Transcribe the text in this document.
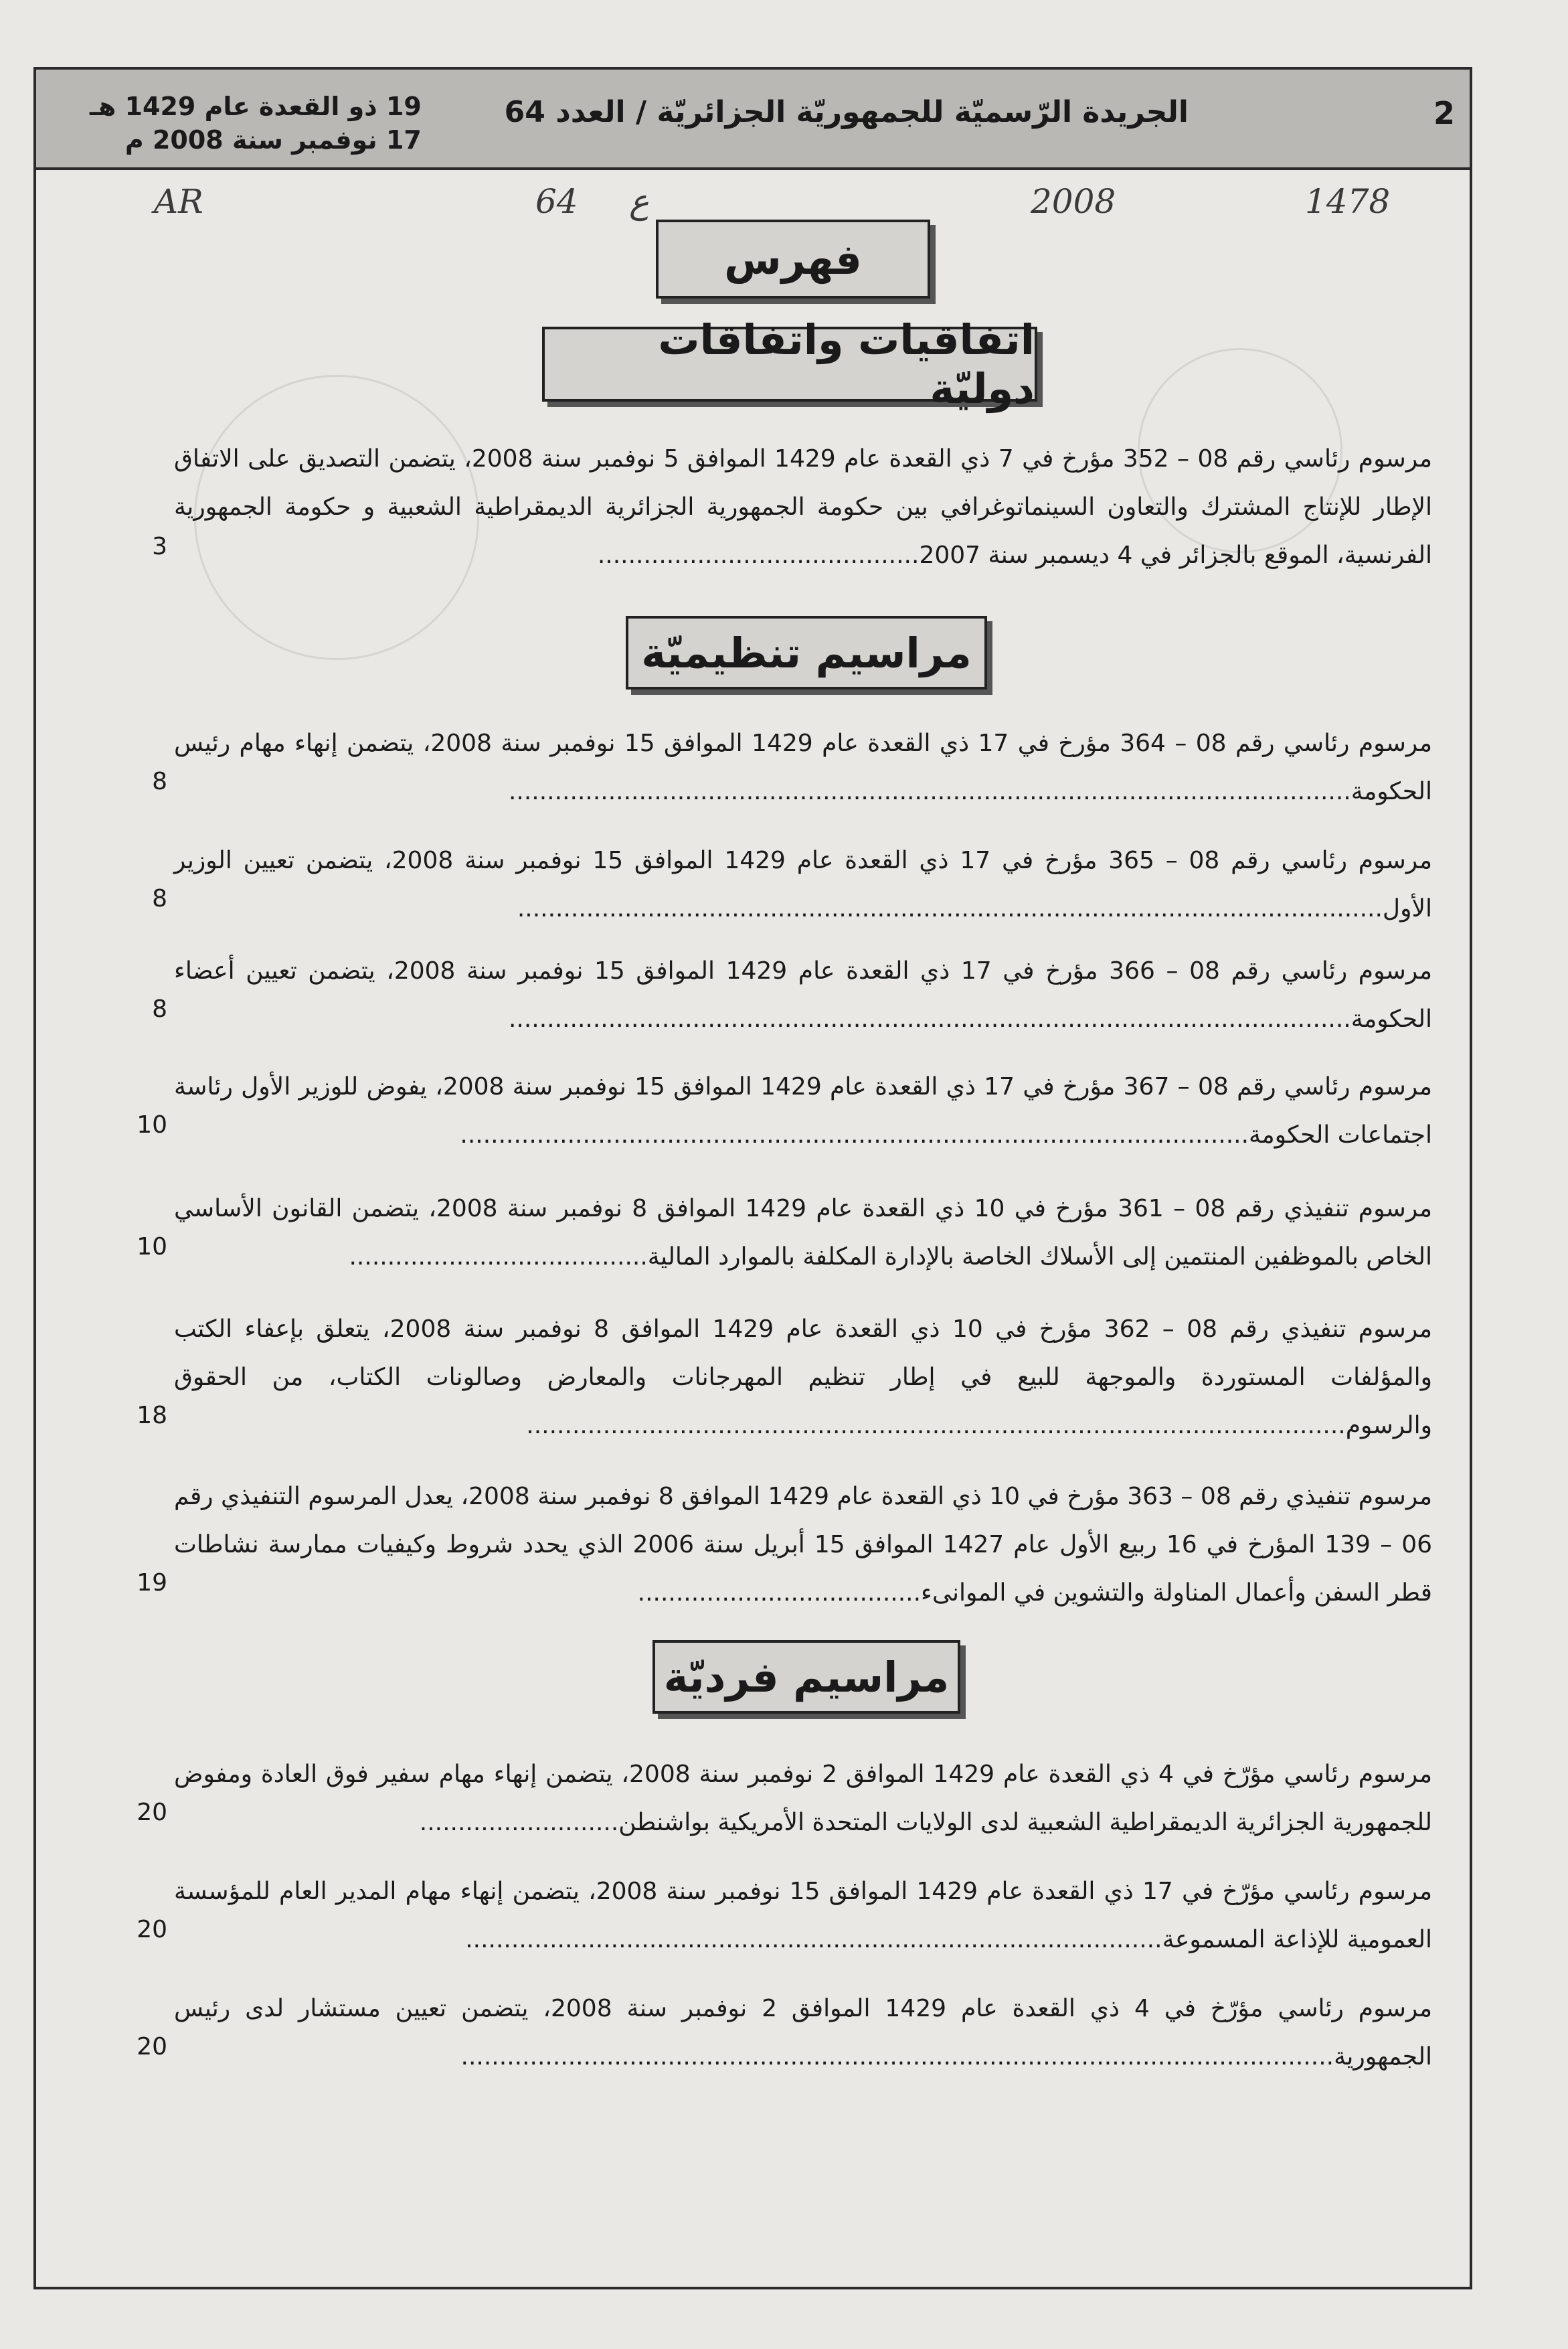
2
الجريدة الرّسميّة للجمهوريّة الجزائريّة / العدد 64
19 ذو القعدة عام 1429 هـ
17 نوفمبر سنة 2008 م
1478
2008
ع
64
AR
فهرس
اتفاقيات واتفاقات دوليّة
مرسوم رئاسي رقم 08 – 352 مؤرخ في 7 ذي القعدة عام 1429 الموافق 5 نوفمبر سنة 2008، يتضمن التصديق على الاتفاق الإطار للإنتاج المشترك والتعاون السينماتوغرافي بين حكومة الجمهورية الجزائرية الديمقراطية الشعبية و حكومة الجمهورية الفرنسية، الموقع بالجزائر في 4 ديسمبر سنة 2007..........................................
3
مراسيم تنظيميّة
مرسوم رئاسي رقم 08 – 364 مؤرخ في 17 ذي القعدة عام 1429 الموافق 15 نوفمبر سنة 2008، يتضمن إنهاء مهام رئيس الحكومة..............................................................................................................
8
مرسوم رئاسي رقم 08 – 365 مؤرخ في 17 ذي القعدة عام 1429 الموافق 15 نوفمبر سنة 2008، يتضمن تعيين الوزير الأول.................................................................................................................
8
مرسوم رئاسي رقم 08 – 366 مؤرخ في 17 ذي القعدة عام 1429 الموافق 15 نوفمبر سنة 2008، يتضمن تعيين أعضاء الحكومة..............................................................................................................
8
مرسوم رئاسي رقم 08 – 367 مؤرخ في 17 ذي القعدة عام 1429 الموافق 15 نوفمبر سنة 2008، يفوض للوزير الأول رئاسة اجتماعات الحكومة.......................................................................................................
10
مرسوم تنفيذي رقم 08 – 361 مؤرخ في 10 ذي القعدة عام 1429 الموافق 8 نوفمبر سنة 2008، يتضمن القانون الأساسي الخاص بالموظفين المنتمين إلى الأسلاك الخاصة بالإدارة المكلفة بالموارد المالية.......................................
10
مرسوم تنفيذي رقم 08 – 362 مؤرخ في 10 ذي القعدة عام 1429 الموافق 8 نوفمبر سنة 2008، يتعلق بإعفاء الكتب والمؤلفات المستوردة والموجهة للبيع في إطار تنظيم المهرجانات والمعارض وصالونات الكتاب، من الحقوق والرسوم...........................................................................................................
18
مرسوم تنفيذي رقم 08 – 363 مؤرخ في 10 ذي القعدة عام 1429 الموافق 8 نوفمبر سنة 2008، يعدل المرسوم التنفيذي رقم 06 – 139 المؤرخ في 16 ربيع الأول عام 1427 الموافق 15 أبريل سنة 2006 الذي يحدد شروط وكيفيات ممارسة نشاطات قطر السفن وأعمال المناولة والتشوين في الموانىء.....................................
19
مراسيم فرديّة
مرسوم رئاسي مؤرّخ في 4 ذي القعدة عام 1429 الموافق 2 نوفمبر سنة 2008، يتضمن إنهاء مهام سفير فوق العادة ومفوض للجمهورية الجزائرية الديمقراطية الشعبية لدى الولايات المتحدة الأمريكية بواشنطن..........................
20
مرسوم رئاسي مؤرّخ في 17 ذي القعدة عام 1429 الموافق 15 نوفمبر سنة 2008، يتضمن إنهاء مهام المدير العام للمؤسسة العمومية للإذاعة المسموعة...........................................................................................
20
مرسوم رئاسي مؤرّخ في 4 ذي القعدة عام 1429 الموافق 2 نوفمبر سنة 2008، يتضمن تعيين مستشار لدى رئيس الجمهورية..................................................................................................................
20
